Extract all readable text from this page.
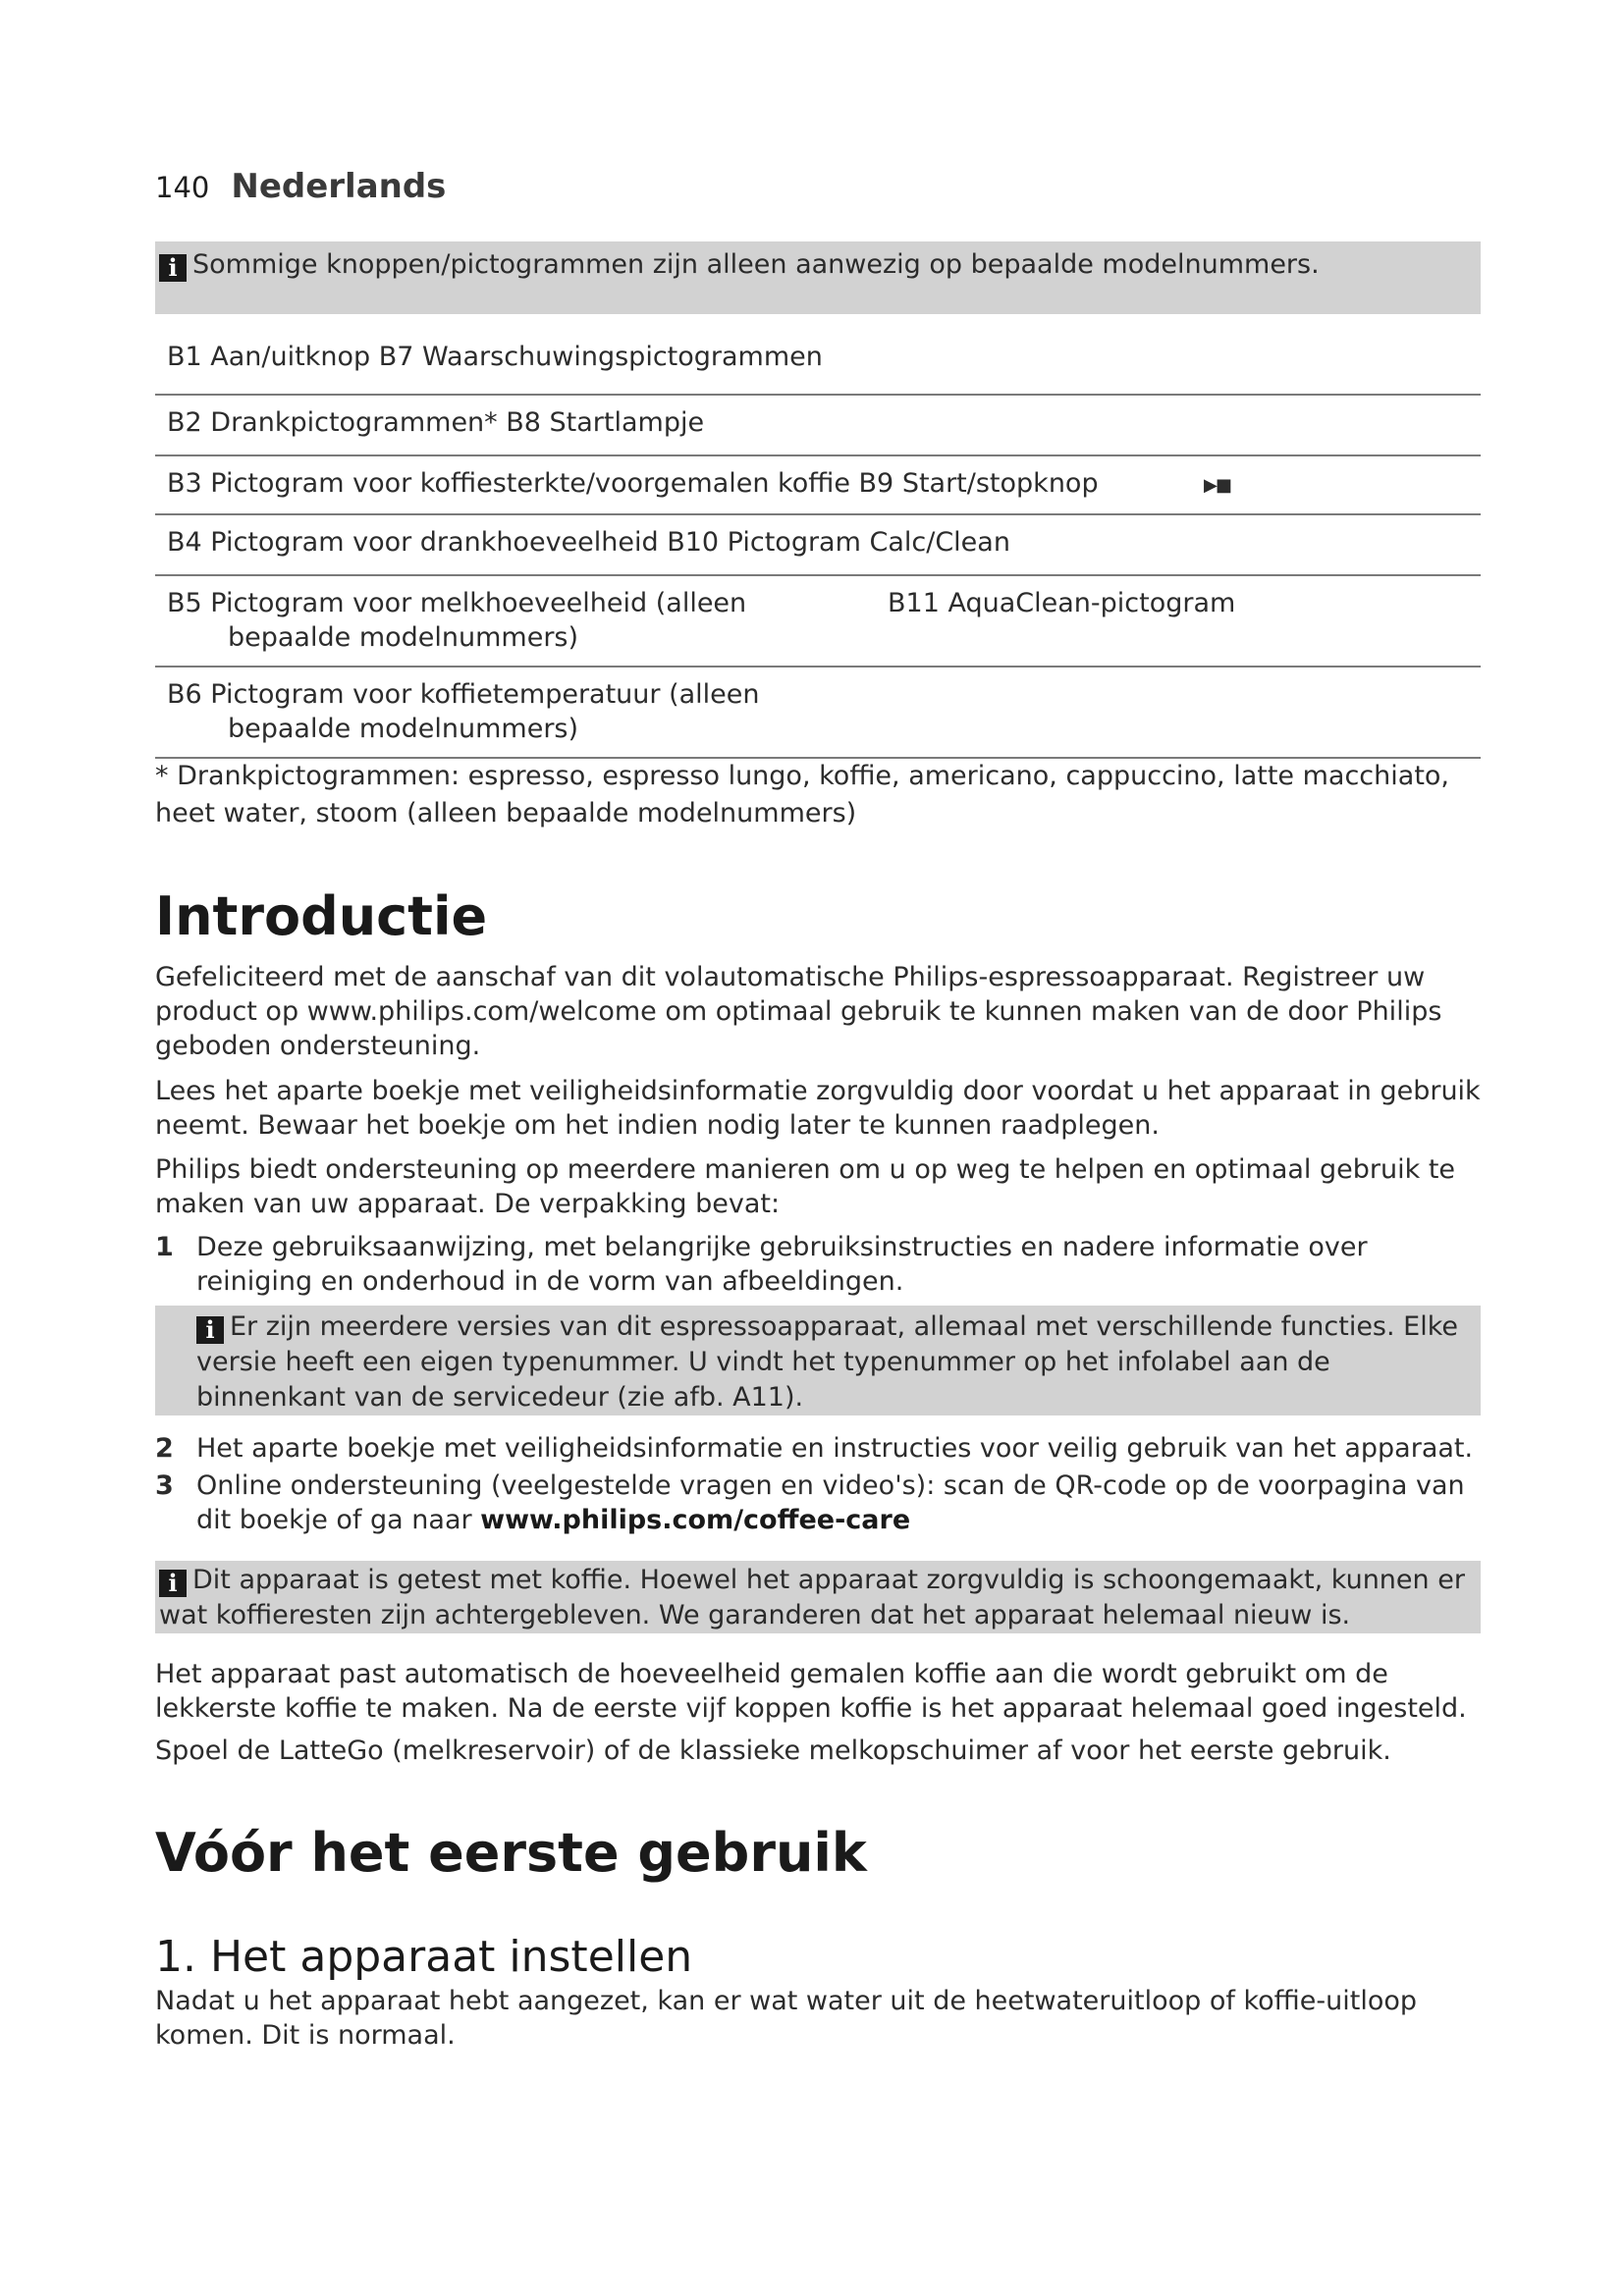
140 Nederlands
i Sommige knoppen/pictogrammen zijn alleen aanwezig op bepaalde modelnummers.
B1 Aan/uitknop B7 Waarschuwingspictogrammen
B2 Drankpictogrammen* B8 Startlampje
B3 Pictogram voor koffiesterkte/voorgemalen koffie B9 Start/stopknop	▶■
B4 Pictogram voor drankhoeveelheid B10 Pictogram Calc/Clean
B5 Pictogram voor melkhoeveelheid (alleen
bepaalde modelnummers)
B11 AquaClean-pictogram
B6 Pictogram voor koffietemperatuur (alleen
bepaalde modelnummers)
* Drankpictogrammen: espresso, espresso lungo, koffie, americano, cappuccino, latte macchiato, heet water, stoom (alleen bepaalde modelnummers)
Introductie

Gefeliciteerd met de aanschaf van dit volautomatische Philips-espressoapparaat. Registreer uw product op www.philips.com/welcome om optimaal gebruik te kunnen maken van de door Philips geboden ondersteuning.

Lees het aparte boekje met veiligheidsinformatie zorgvuldig door voordat u het apparaat in gebruik neemt. Bewaar het boekje om het indien nodig later te kunnen raadplegen.

Philips biedt ondersteuning op meerdere manieren om u op weg te helpen en optimaal gebruik te maken van uw apparaat. De verpakking bevat:

1 Deze gebruiksaanwijzing, met belangrijke gebruiksinstructies en nadere informatie over reiniging en onderhoud in de vorm van afbeeldingen.
i Er zijn meerdere versies van dit espressoapparaat, allemaal met verschillende functies. Elke versie heeft een eigen typenummer. U vindt het typenummer op het infolabel aan de binnenkant van de servicedeur (zie afb. A11).
2 Het aparte boekje met veiligheidsinformatie en instructies voor veilig gebruik van het apparaat.
3 Online ondersteuning (veelgestelde vragen en video's): scan de QR-code op de voorpagina van dit boekje of ga naar www.philips.com/coffee-care
i Dit apparaat is getest met koffie. Hoewel het apparaat zorgvuldig is schoongemaakt, kunnen er wat koffieresten zijn achtergebleven. We garanderen dat het apparaat helemaal nieuw is.

Het apparaat past automatisch de hoeveelheid gemalen koffie aan die wordt gebruikt om de lekkerste koffie te maken. Na de eerste vijf koppen koffie is het apparaat helemaal goed ingesteld.

Spoel de LatteGo (melkreservoir) of de klassieke melkopschuimer af voor het eerste gebruik.

Vóór het eerste gebruik
1. Het apparaat instellen

Nadat u het apparaat hebt aangezet, kan er wat water uit de heetwateruitloop of koffie-uitloop komen. Dit is normaal.
